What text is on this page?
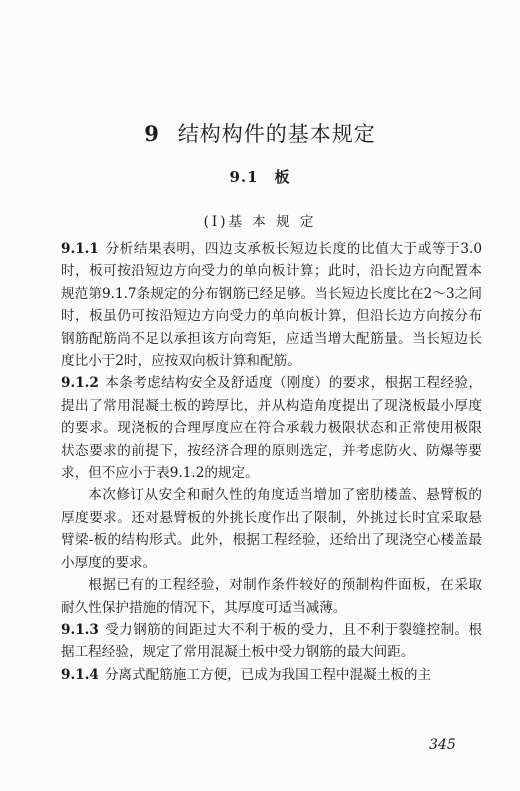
9 结构构件的基本规定
9.1 板
(Ⅰ)基 本 规 定

9.1.1 分析结果表明，四边支承板长短边长度的比值大于或等于3.0时，板可按沿短边方向受力的单向板计算；此时，沿长边方向配置本规范第9.1.7条规定的分布钢筋已经足够。当长短边长度比在2～3之间时，板虽仍可按沿短边方向受力的单向板计算，但沿长边方向按分布钢筋配筋尚不足以承担该方向弯矩，应适当增大配筋量。当长短边长度比小于2时，应按双向板计算和配筋。

9.1.2 本条考虑结构安全及舒适度（刚度）的要求，根据工程经验，提出了常用混凝土板的跨厚比，并从构造角度提出了现浇板最小厚度的要求。现浇板的合理厚度应在符合承载力极限状态和正常使用极限状态要求的前提下，按经济合理的原则选定，并考虑防火、防爆等要求，但不应小于表9.1.2的规定。

本次修订从安全和耐久性的角度适当增加了密肋楼盖、悬臂板的厚度要求。还对悬臂板的外挑长度作出了限制，外挑过长时宜采取悬臂梁-板的结构形式。此外，根据工程经验，还给出了现浇空心楼盖最小厚度的要求。

根据已有的工程经验，对制作条件较好的预制构件面板，在采取耐久性保护措施的情况下，其厚度可适当减薄。

9.1.3 受力钢筋的间距过大不利于板的受力，且不利于裂缝控制。根据工程经验，规定了常用混凝土板中受力钢筋的最大间距。

9.1.4 分离式配筋施工方便，已成为我国工程中混凝土板的主

345
